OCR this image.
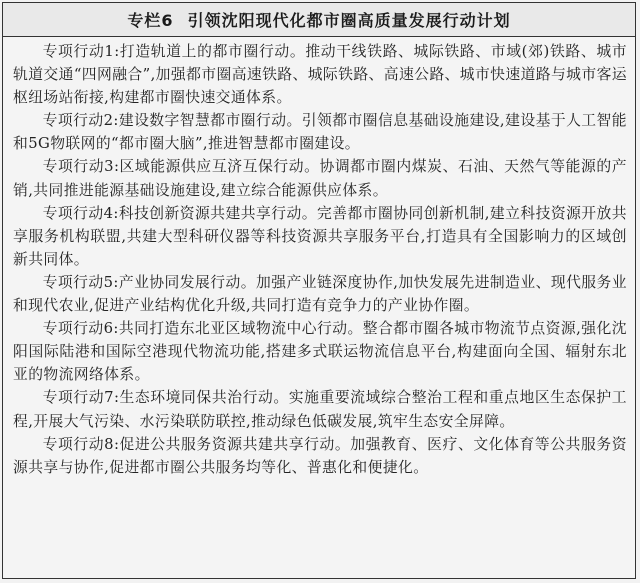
专栏6 引领沈阳现代化都市圈高质量发展行动计划

专项行动1:打造轨道上的都市圈行动。推动干线铁路、城际铁路、市域(郊)铁路、城市轨道交通“四网融合”,加强都市圈高速铁路、城际铁路、高速公路、城市快速道路与城市客运枢纽场站衔接,构建都市圈快速交通体系。

专项行动2:建设数字智慧都市圈行动。引领都市圈信息基础设施建设,建设基于人工智能和5G物联网的“都市圈大脑”,推进智慧都市圈建设。

专项行动3:区域能源供应互济互保行动。协调都市圈内煤炭、石油、天然气等能源的产销,共同推进能源基础设施建设,建立综合能源供应体系。

专项行动4:科技创新资源共建共享行动。完善都市圈协同创新机制,建立科技资源开放共享服务机构联盟,共建大型科研仪器等科技资源共享服务平台,打造具有全国影响力的区域创新共同体。

专项行动5:产业协同发展行动。加强产业链深度协作,加快发展先进制造业、现代服务业和现代农业,促进产业结构优化升级,共同打造有竞争力的产业协作圈。

专项行动6:共同打造东北亚区域物流中心行动。整合都市圈各城市物流节点资源,强化沈阳国际陆港和国际空港现代物流功能,搭建多式联运物流信息平台,构建面向全国、辐射东北亚的物流网络体系。

专项行动7:生态环境同保共治行动。实施重要流域综合整治工程和重点地区生态保护工程,开展大气污染、水污染联防联控,推动绿色低碳发展,筑牢生态安全屏障。

专项行动8:促进公共服务资源共建共享行动。加强教育、医疗、文化体育等公共服务资源共享与协作,促进都市圈公共服务均等化、普惠化和便捷化。
